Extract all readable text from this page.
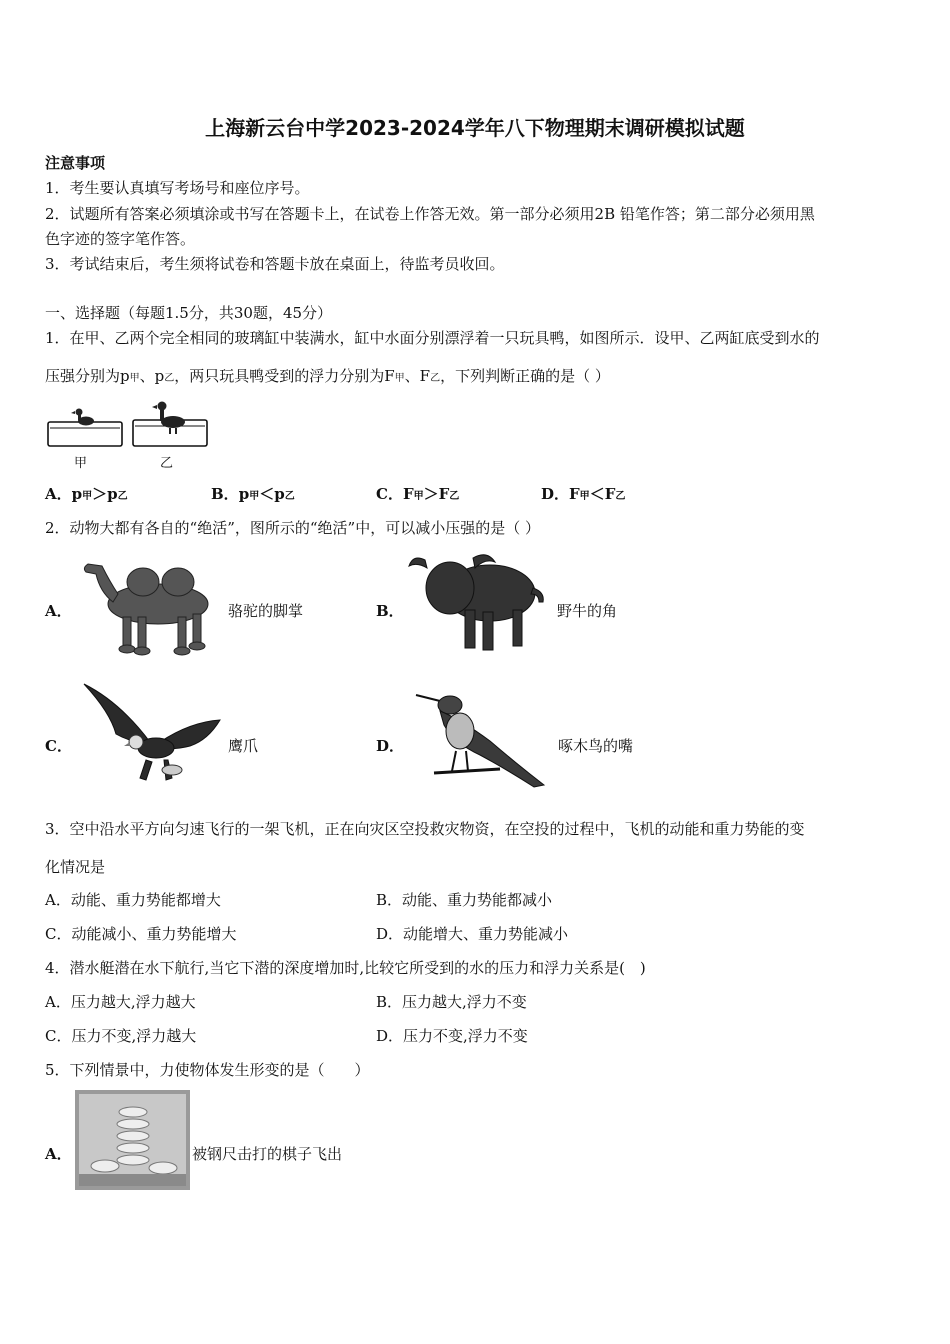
上海新云台中学2023-2024学年八下物理期末调研模拟试题
注意事项
1．考生要认真填写考场号和座位序号。
2．试题所有答案必须填涂或书写在答题卡上，在试卷上作答无效。第一部分必须用2B 铅笔作答；第二部分必须用黑
色字迹的签字笔作答。
3．考试结束后，考生须将试卷和答题卡放在桌面上，待监考员收回。
一、选择题（每题1.5分，共30题，45分）
1．在甲、乙两个完全相同的玻璃缸中装满水，缸中水面分别漂浮着一只玩具鸭，如图所示．设甲、乙两缸底受到水的
压强分别为p甲、p乙，两只玩具鸭受到的浮力分别为F甲、F乙，下列判断正确的是（ ）
甲	乙
A．p甲＞p乙	B．p甲＜p乙	C．F甲＞F乙	D．F甲＜F乙
2．动物大都有各自的“绝活”，图所示的“绝活”中，可以减小压强的是（ ）
A．	骆驼的脚掌	B．	野牛的角
C．	鹰爪	D．	啄木鸟的嘴
3．空中沿水平方向匀速飞行的一架飞机，正在向灾区空投救灾物资，在空投的过程中，飞机的动能和重力势能的变
化情况是
A．动能、重力势能都增大	B．动能、重力势能都减小
C．动能减小、重力势能增大	D．动能增大、重力势能减小
4．潜水艇潜在水下航行,当它下潜的深度增加时,比较它所受到的水的压力和浮力关系是(　)
A．压力越大,浮力越大	B．压力越大,浮力不变
C．压力不变,浮力越大	D．压力不变,浮力不变
5．下列情景中，力使物体发生形变的是（　　）
A．	被钢尺击打的棋子飞出
